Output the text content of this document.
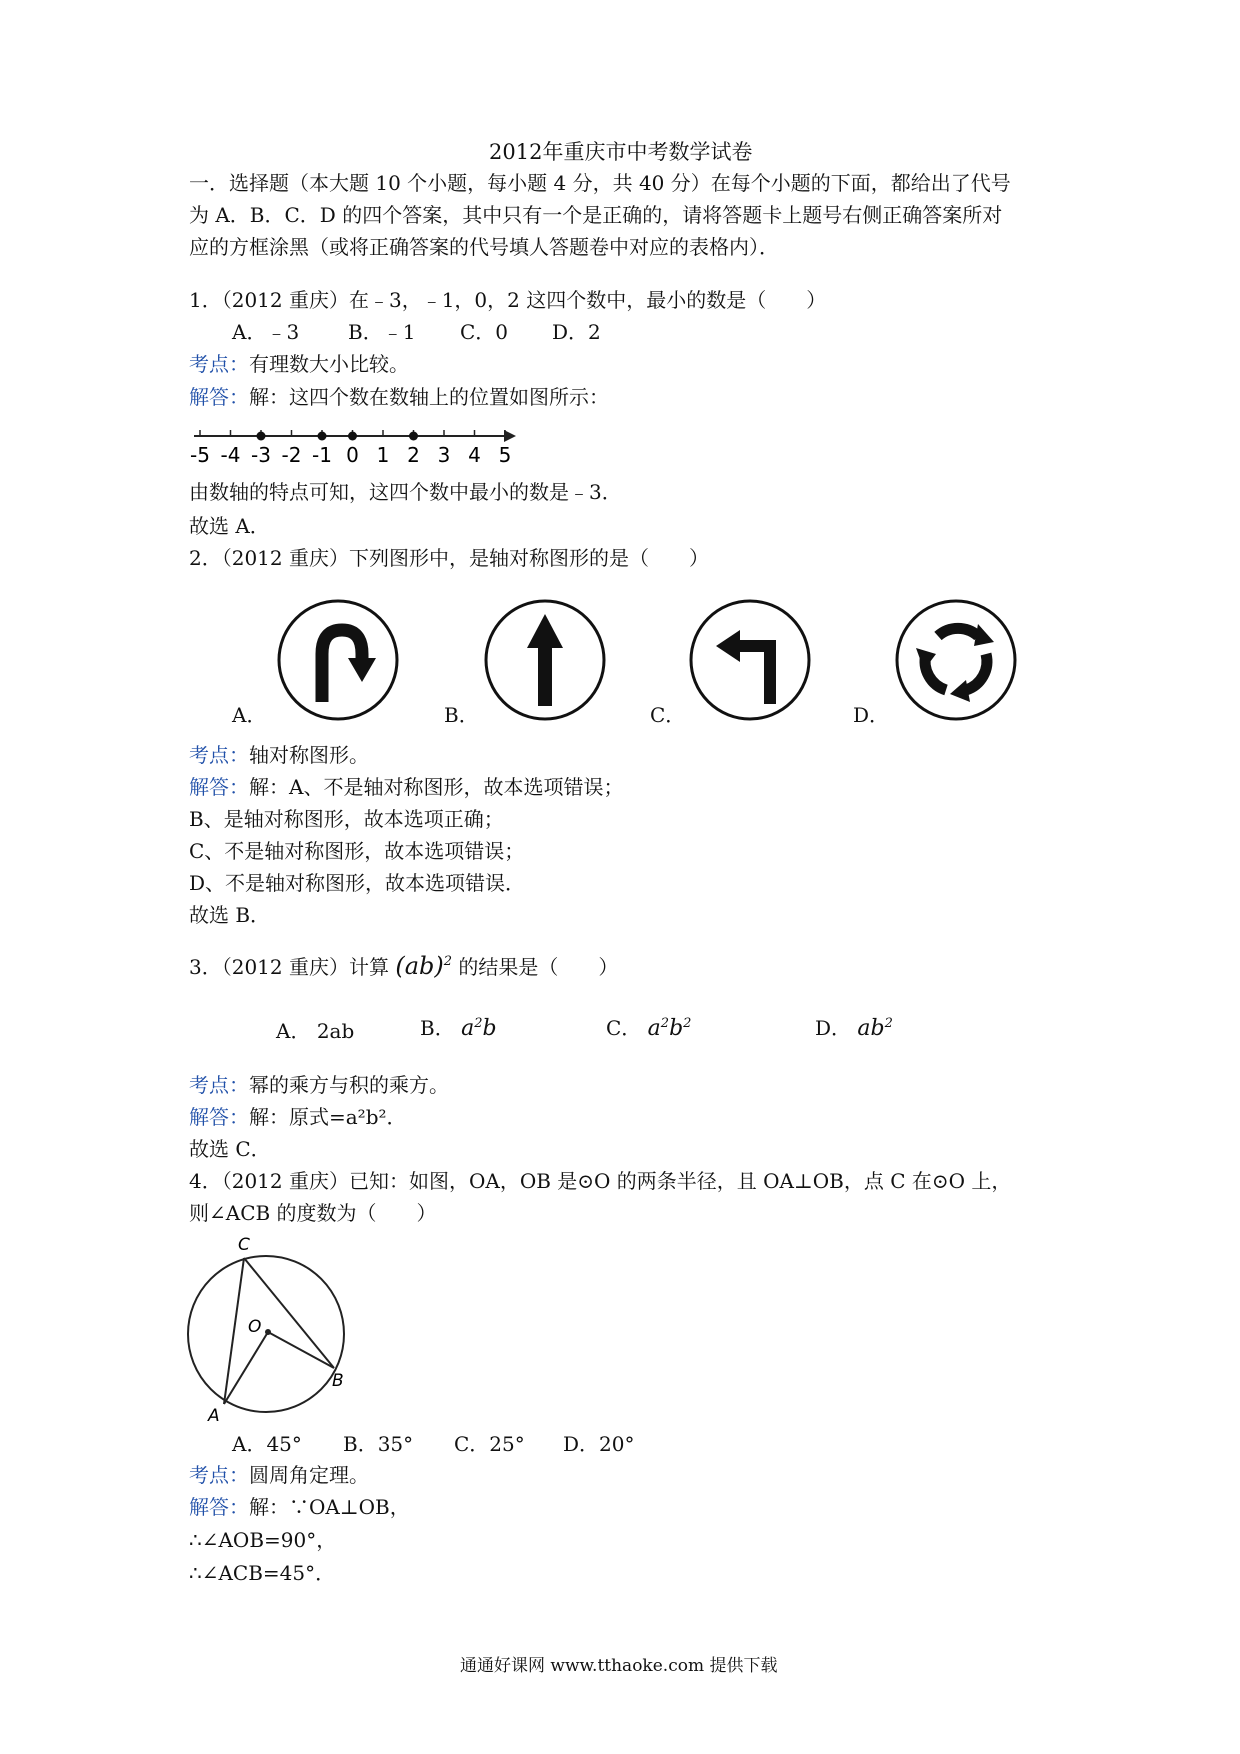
2012年重庆市中考数学试卷
一．选择题（本大题 10 个小题，每小题 4 分，共 40 分）在每个小题的下面，都给出了代号
为 A．B．C．D 的四个答案，其中只有一个是正确的，请将答题卡上题号右侧正确答案所对
应的方框涂黑（或将正确答案的代号填人答题卷中对应的表格内）．
1．（2012 重庆）在﹣3，﹣1，0，2 这四个数中，最小的数是（　　）
A．﹣3 B．﹣1 C．0 D．2
考点：有理数大小比较。
解答：解：这四个数在数轴上的位置如图所示：
-5 -4 -3 -2 -1 0 1 2 3 4 5
由数轴的特点可知，这四个数中最小的数是﹣3．
故选 A．
2．（2012 重庆）下列图形中，是轴对称图形的是（　　）
A．	B．	C．	D．
考点：轴对称图形。
解答：解：A、不是轴对称图形，故本选项错误；
B、是轴对称图形，故本选项正确；
C、不是轴对称图形，故本选项错误；
D、不是轴对称图形，故本选项错误．
故选 B．
3．（2012 重庆）计算 (ab)$^2$ 的结果是（　　）
A． 2ab	B． $a^2b$	C． $a^2b^2$	D． $ab^2$
考点：幂的乘方与积的乘方。
解答：解：原式=a²b²．
故选 C．
4．（2012 重庆）已知：如图，OA，OB 是⊙O 的两条半径，且 OA⊥OB，点 C 在⊙O 上，
则∠ACB 的度数为（　　）
C
O
B
A
A．45° B．35° C．25° D．20°
考点：圆周角定理。
解答：解：∵OA⊥OB，
∴∠AOB=90°，
∴∠ACB=45°．
通通好课网 www.tthaoke.com 提供下载
